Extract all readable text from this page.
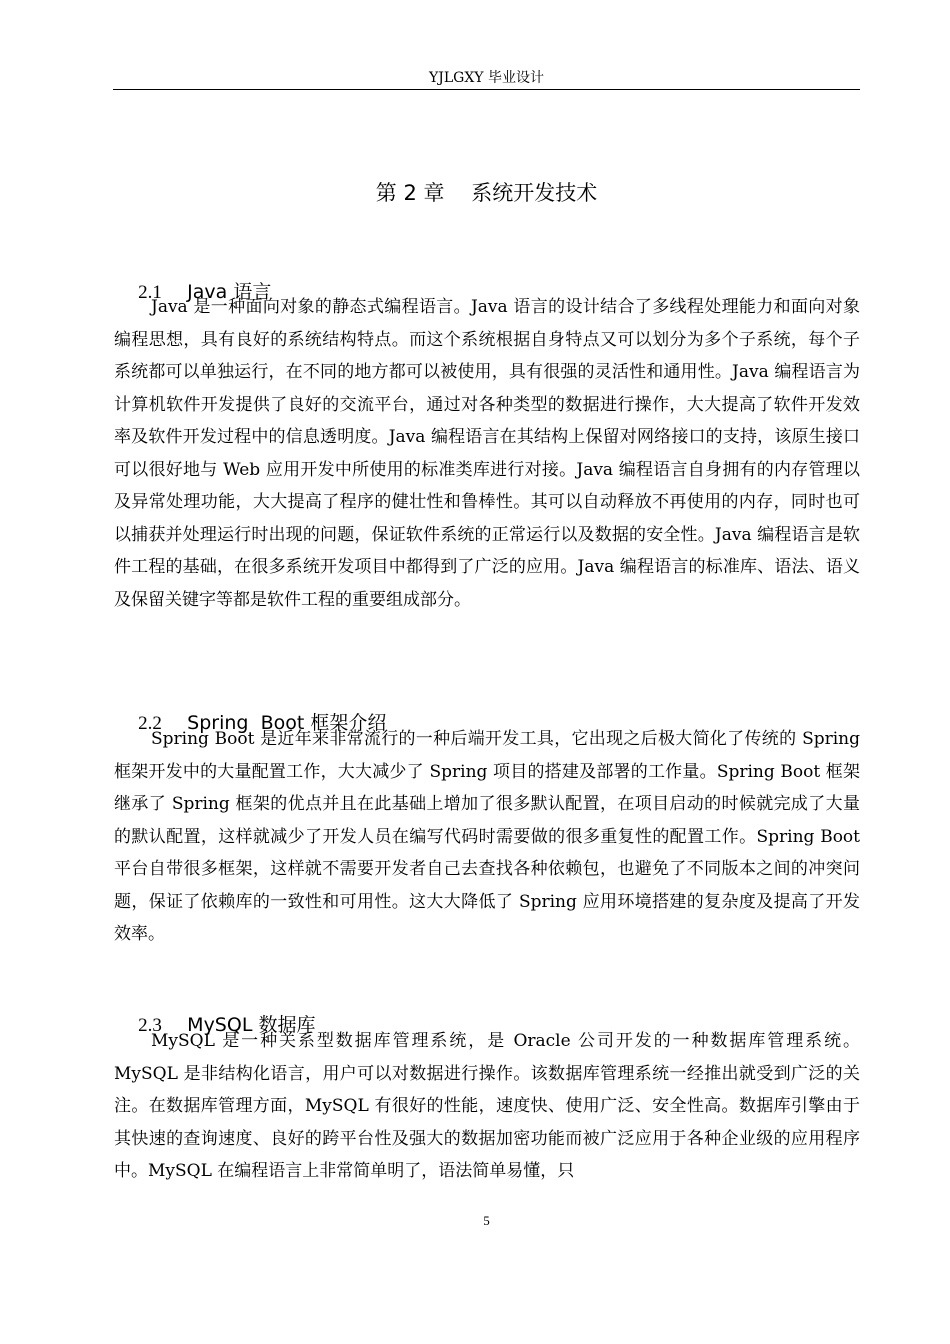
YJLGXY 毕业设计
第 2 章    系统开发技术

2.1 Java 语言

Java 是一种面向对象的静态式编程语言。Java 语言的设计结合了多线程处理能力和面向对象编程思想，具有良好的系统结构特点。而这个系统根据自身特点又可以划分为多个子系统，每个子系统都可以单独运行，在不同的地方都可以被使用，具有很强的灵活性和通用性。Java 编程语言为计算机软件开发提供了良好的交流平台，通过对各种类型的数据进行操作，大大提高了软件开发效率及软件开发过程中的信息透明度。Java 编程语言在其结构上保留对网络接口的支持，该原生接口可以很好地与 Web 应用开发中所使用的标准类库进行对接。Java 编程语言自身拥有的内存管理以及异常处理功能，大大提高了程序的健壮性和鲁棒性。其可以自动释放不再使用的内存，同时也可以捕获并处理运行时出现的问题，保证软件系统的正常运行以及数据的安全性。Java 编程语言是软件工程的基础，在很多系统开发项目中都得到了广泛的应用。Java 编程语言的标准库、语法、语义及保留关键字等都是软件工程的重要组成部分。

2.2 Spring  Boot 框架介绍

Spring Boot 是近年来非常流行的一种后端开发工具，它出现之后极大简化了传统的 Spring 框架开发中的大量配置工作，大大减少了 Spring 项目的搭建及部署的工作量。Spring Boot 框架继承了 Spring 框架的优点并且在此基础上增加了很多默认配置，在项目启动的时候就完成了大量的默认配置，这样就减少了开发人员在编写代码时需要做的很多重复性的配置工作。Spring Boot 平台自带很多框架，这样就不需要开发者自己去查找各种依赖包，也避免了不同版本之间的冲突问题，保证了依赖库的一致性和可用性。这大大降低了 Spring 应用环境搭建的复杂度及提高了开发效率。

2.3 MySQL 数据库

MySQL 是一种关系型数据库管理系统，是 Oracle 公司开发的一种数据库管理系统。MySQL 是非结构化语言，用户可以对数据进行操作。该数据库管理系统一经推出就受到广泛的关注。在数据库管理方面，MySQL 有很好的性能，速度快、使用广泛、安全性高。数据库引擎由于其快速的查询速度、良好的跨平台性及强大的数据加密功能而被广泛应用于各种企业级的应用程序中。MySQL 在编程语言上非常简单明了，语法简单易懂，只

5
